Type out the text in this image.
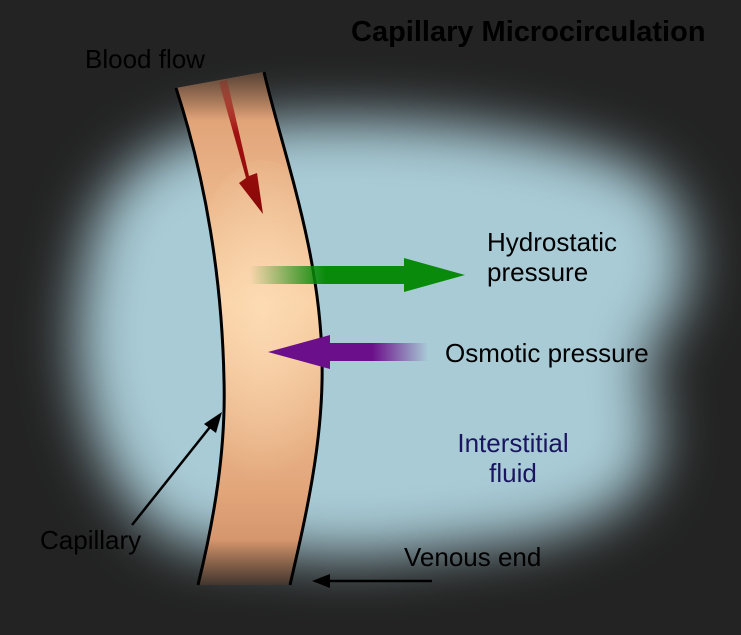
Capillary Microcirculation
Blood flow
Hydrostatic
pressure
Osmotic pressure
Interstitial
fluid
Capillary
Venous end
